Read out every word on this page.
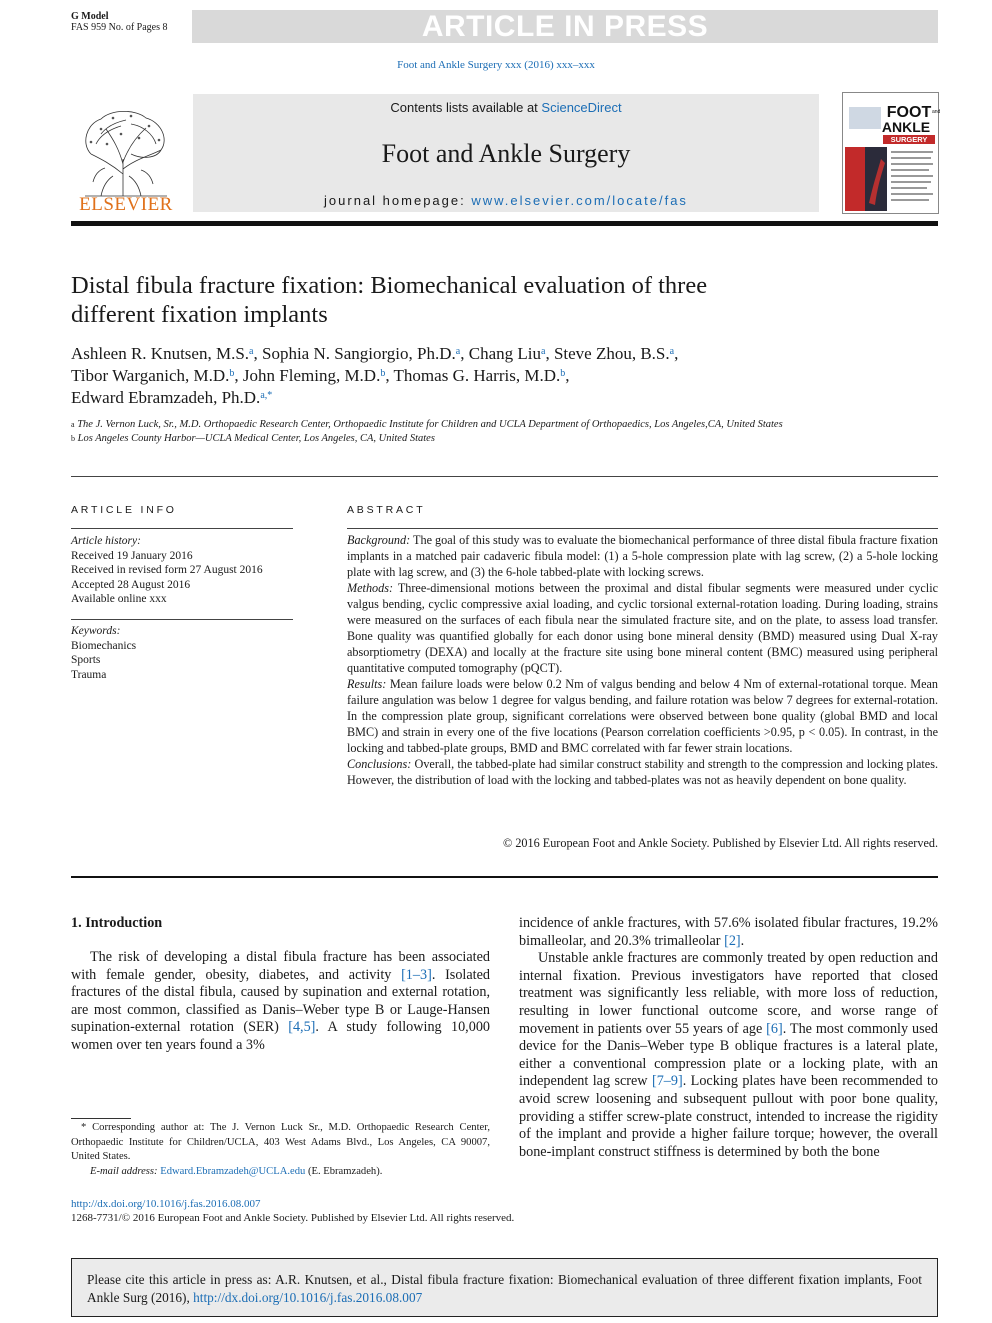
G Model
FAS 959 No. of Pages 8	ARTICLE IN PRESS
Foot and Ankle Surgery xxx (2016) xxx–xxx
ELSEVIER
Contents lists available at ScienceDirect
Foot and Ankle Surgery
journal homepage: www.elsevier.com/locate/fas
FOOT and
ANKLE
SURGERY
Distal fibula fracture fixation: Biomechanical evaluation of three
different fixation implants
Ashleen R. Knutsen, M.S.$^a$, Sophia N. Sangiorgio, Ph.D.$^a$, Chang Liu$^a$, Steve Zhou, B.S.$^a$,
Tibor Warganich, M.D.$^b$, John Fleming, M.D.$^b$, Thomas G. Harris, M.D.$^b$,
Edward Ebramzadeh, Ph.D.$^{a,*}$

$^a$ The J. Vernon Luck, Sr., M.D. Orthopaedic Research Center, Orthopaedic Institute for Children and UCLA Department of Orthopaedics, Los Angeles,CA, United States

$^b$ Los Angeles County Harbor—UCLA Medical Center, Los Angeles, CA, United States

ARTICLE INFO	ABSTRACT

Article history:

Received 19 January 2016

Received in revised form 27 August 2016

Accepted 28 August 2016

Available online xxx

Keywords:

Biomechanics

Sports

Trauma

Background: The goal of this study was to evaluate the biomechanical performance of three distal fibula fracture fixation implants in a matched pair cadaveric fibula model: (1) a 5-hole compression plate with lag screw, (2) a 5-hole locking plate with lag screw, and (3) the 6-hole tabbed-plate with locking screws.

Methods: Three-dimensional motions between the proximal and distal fibular segments were measured under cyclic valgus bending, cyclic compressive axial loading, and cyclic torsional external-rotation loading. During loading, strains were measured on the surfaces of each fibula near the simulated fracture site, and on the plate, to assess load transfer. Bone quality was quantified globally for each donor using bone mineral density (BMD) measured using Dual X-ray absorptiometry (DEXA) and locally at the fracture site using bone mineral content (BMC) measured using peripheral quantitative computed tomography (pQCT).

Results: Mean failure loads were below 0.2 Nm of valgus bending and below 4 Nm of external-rotational torque. Mean failure angulation was below 1 degree for valgus bending, and failure rotation was below 7 degrees for external-rotation. In the compression plate group, significant correlations were observed between bone quality (global BMD and local BMC) and strain in every one of the five locations (Pearson correlation coefficients >0.95, p < 0.05). In contrast, in the locking and tabbed-plate groups, BMD and BMC correlated with far fewer strain locations.

Conclusions: Overall, the tabbed-plate had similar construct stability and strength to the compression and locking plates. However, the distribution of load with the locking and tabbed-plates was not as heavily dependent on bone quality.

© 2016 European Foot and Ankle Society. Published by Elsevier Ltd. All rights reserved.
1. Introduction

The risk of developing a distal fibula fracture has been associated with female gender, obesity, diabetes, and activity [1–3]. Isolated fractures of the distal fibula, caused by supination and external rotation, are most common, classified as Danis–Weber type B or Lauge-Hansen supination-external rotation (SER) [4,5]. A study following 10,000 women over ten years found a 3%

incidence of ankle fractures, with 57.6% isolated fibular fractures, 19.2% bimalleolar, and 20.3% trimalleolar [2].

Unstable ankle fractures are commonly treated by open reduction and internal fixation. Previous investigators have reported that closed treatment was significantly less reliable, with more loss of reduction, resulting in lower functional outcome score, and worse range of movement in patients over 55 years of age [6]. The most commonly used device for the Danis–Weber type B oblique fractures is a lateral plate, either a conventional compression plate or a locking plate, with an independent lag screw [7–9]. Locking plates have been recommended to avoid screw loosening and subsequent pullout with poor bone quality, providing a stiffer screw-plate construct, intended to increase the rigidity of the implant and provide a higher failure torque; however, the overall bone-implant construct stiffness is determined by both the bone

* Corresponding author at: The J. Vernon Luck Sr., M.D. Orthopaedic Research Center, Orthopaedic Institute for Children/UCLA, 403 West Adams Blvd., Los Angeles, CA 90007, United States.

E-mail address: Edward.Ebramzadeh@UCLA.edu (E. Ebramzadeh).

http://dx.doi.org/10.1016/j.fas.2016.08.007
1268-7731/© 2016 European Foot and Ankle Society. Published by Elsevier Ltd. All rights reserved.
Please cite this article in press as: A.R. Knutsen, et al., Distal fibula fracture fixation: Biomechanical evaluation of three different fixation implants, Foot Ankle Surg (2016), http://dx.doi.org/10.1016/j.fas.2016.08.007
